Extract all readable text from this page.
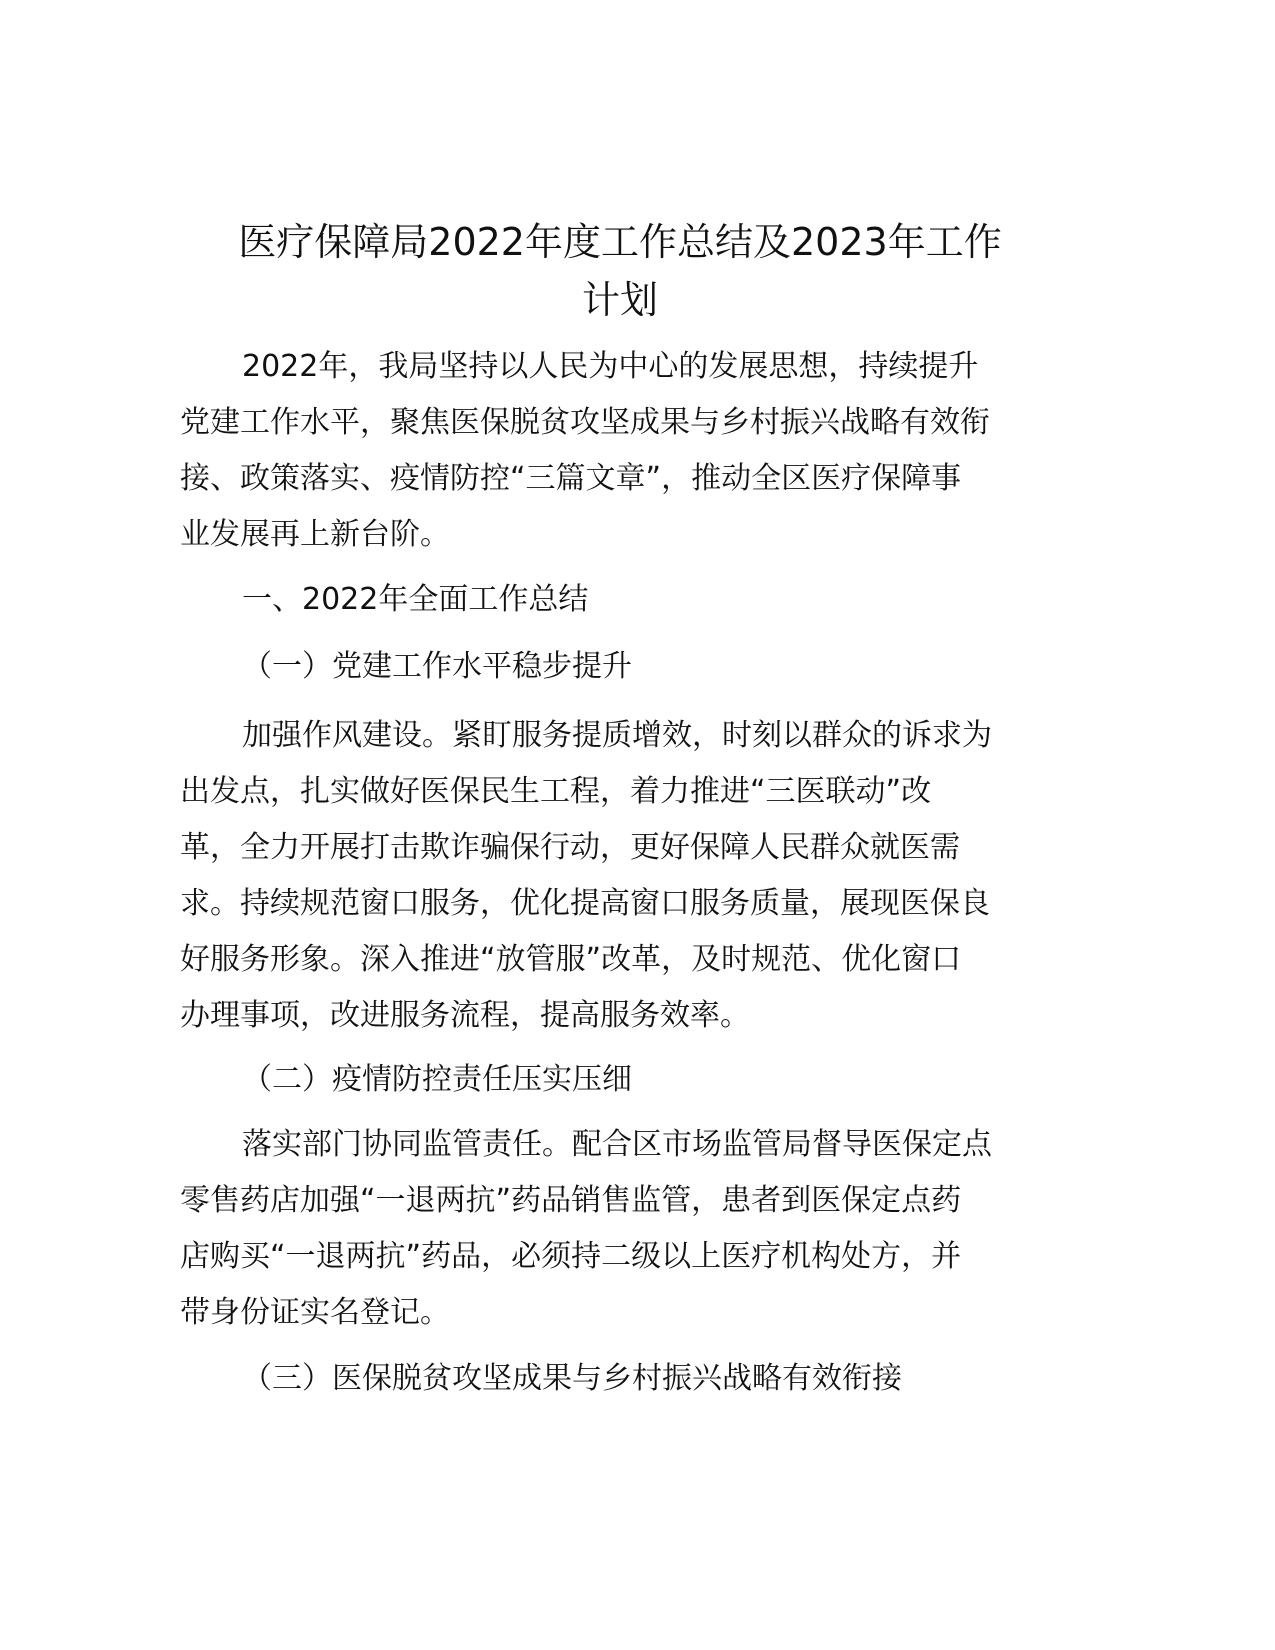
医疗保障局2022年度工作总结及2023年工作
计划
2022年，我局坚持以人民为中心的发展思想，持续提升
党建工作水平，聚焦医保脱贫攻坚成果与乡村振兴战略有效衔
接、政策落实、疫情防控“三篇文章”，推动全区医疗保障事
业发展再上新台阶。
一、2022年全面工作总结
（一）党建工作水平稳步提升
加强作风建设。紧盯服务提质增效，时刻以群众的诉求为
出发点，扎实做好医保民生工程，着力推进“三医联动”改
革，全力开展打击欺诈骗保行动，更好保障人民群众就医需
求。持续规范窗口服务，优化提高窗口服务质量，展现医保良
好服务形象。深入推进“放管服”改革，及时规范、优化窗口
办理事项，改进服务流程，提高服务效率。
（二）疫情防控责任压实压细
落实部门协同监管责任。配合区市场监管局督导医保定点
零售药店加强“一退两抗”药品销售监管，患者到医保定点药
店购买“一退两抗”药品，必须持二级以上医疗机构处方，并
带身份证实名登记。
（三）医保脱贫攻坚成果与乡村振兴战略有效衔接
